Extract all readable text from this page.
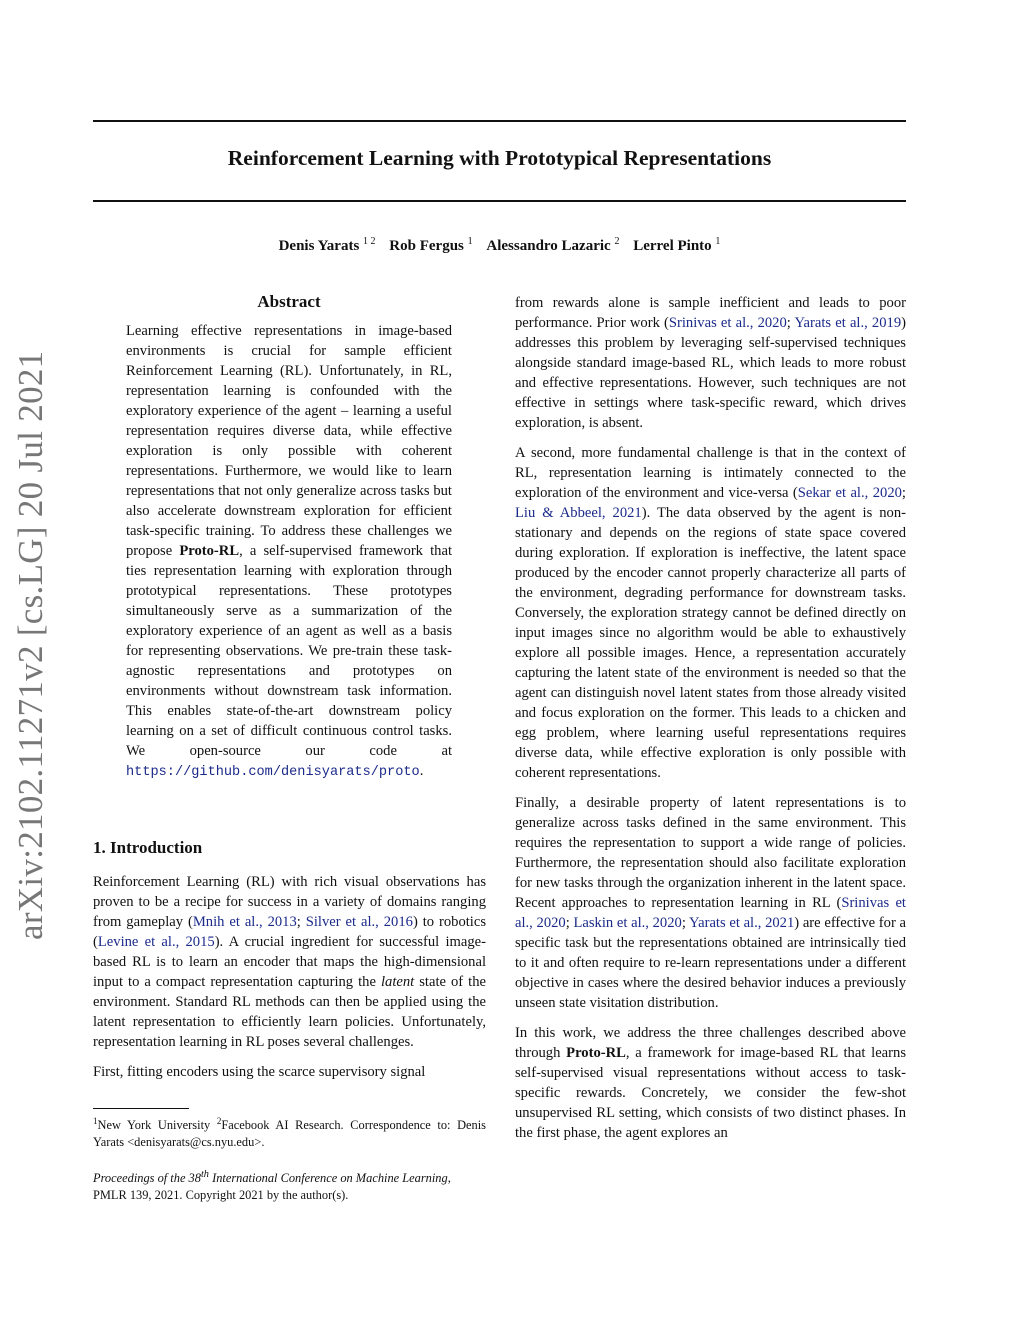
Reinforcement Learning with Prototypical Representations
Denis Yarats $^{1 2}$ Rob Fergus $^1$ Alessandro Lazaric $^2$ Lerrel Pinto $^1$
arXiv:2102.11271v2 [cs.LG] 20 Jul 2021
Abstract
Learning effective representations in image-based environments is crucial for sample efficient Reinforcement Learning (RL). Unfortunately, in RL, representation learning is confounded with the exploratory experience of the agent – learning a useful representation requires diverse data, while effective exploration is only possible with coherent representations. Furthermore, we would like to learn representations that not only generalize across tasks but also accelerate downstream exploration for efficient task-specific training. To address these challenges we propose Proto-RL, a self-supervised framework that ties representation learning with exploration through prototypical representations. These prototypes simultaneously serve as a summarization of the exploratory experience of an agent as well as a basis for representing observations. We pre-train these task-agnostic representations and prototypes on environments without downstream task information. This enables state-of-the-art downstream policy learning on a set of difficult continuous control tasks. We open-source our code at https://github.com/denisyarats/proto.
1. Introduction

Reinforcement Learning (RL) with rich visual observations has proven to be a recipe for success in a variety of domains ranging from gameplay (Mnih et al., 2013; Silver et al., 2016) to robotics (Levine et al., 2015). A crucial ingredient for successful image-based RL is to learn an encoder that maps the high-dimensional input to a compact representation capturing the latent state of the environment. Standard RL methods can then be applied using the latent representation to efficiently learn policies. Unfortunately, representation learning in RL poses several challenges.

First, fitting encoders using the scarce supervisory signal

from rewards alone is sample inefficient and leads to poor performance. Prior work (Srinivas et al., 2020; Yarats et al., 2019) addresses this problem by leveraging self-supervised techniques alongside standard image-based RL, which leads to more robust and effective representations. However, such techniques are not effective in settings where task-specific reward, which drives exploration, is absent.

A second, more fundamental challenge is that in the context of RL, representation learning is intimately connected to the exploration of the environment and vice-versa (Sekar et al., 2020; Liu & Abbeel, 2021). The data observed by the agent is non-stationary and depends on the regions of state space covered during exploration. If exploration is ineffective, the latent space produced by the encoder cannot properly characterize all parts of the environment, degrading performance for downstream tasks. Conversely, the exploration strategy cannot be defined directly on input images since no algorithm would be able to exhaustively explore all possible images. Hence, a representation accurately capturing the latent state of the environment is needed so that the agent can distinguish novel latent states from those already visited and focus exploration on the former. This leads to a chicken and egg problem, where learning useful representations requires diverse data, while effective exploration is only possible with coherent representations.

Finally, a desirable property of latent representations is to generalize across tasks defined in the same environment. This requires the representation to support a wide range of policies. Furthermore, the representation should also facilitate exploration for new tasks through the organization inherent in the latent space. Recent approaches to representation learning in RL (Srinivas et al., 2020; Laskin et al., 2020; Yarats et al., 2021) are effective for a specific task but the representations obtained are intrinsically tied to it and often require to re-learn representations under a different objective in cases where the desired behavior induces a previously unseen state visitation distribution.

In this work, we address the three challenges described above through Proto-RL, a framework for image-based RL that learns self-supervised visual representations without access to task-specific rewards. Concretely, we consider the few-shot unsupervised RL setting, which consists of two distinct phases. In the first phase, the agent explores an

$^1$New York University $^2$Facebook AI Research. Correspondence to: Denis Yarats <denisyarats@cs.nyu.edu>.
Proceedings of the 38th International Conference on Machine Learning, PMLR 139, 2021. Copyright 2021 by the author(s).
